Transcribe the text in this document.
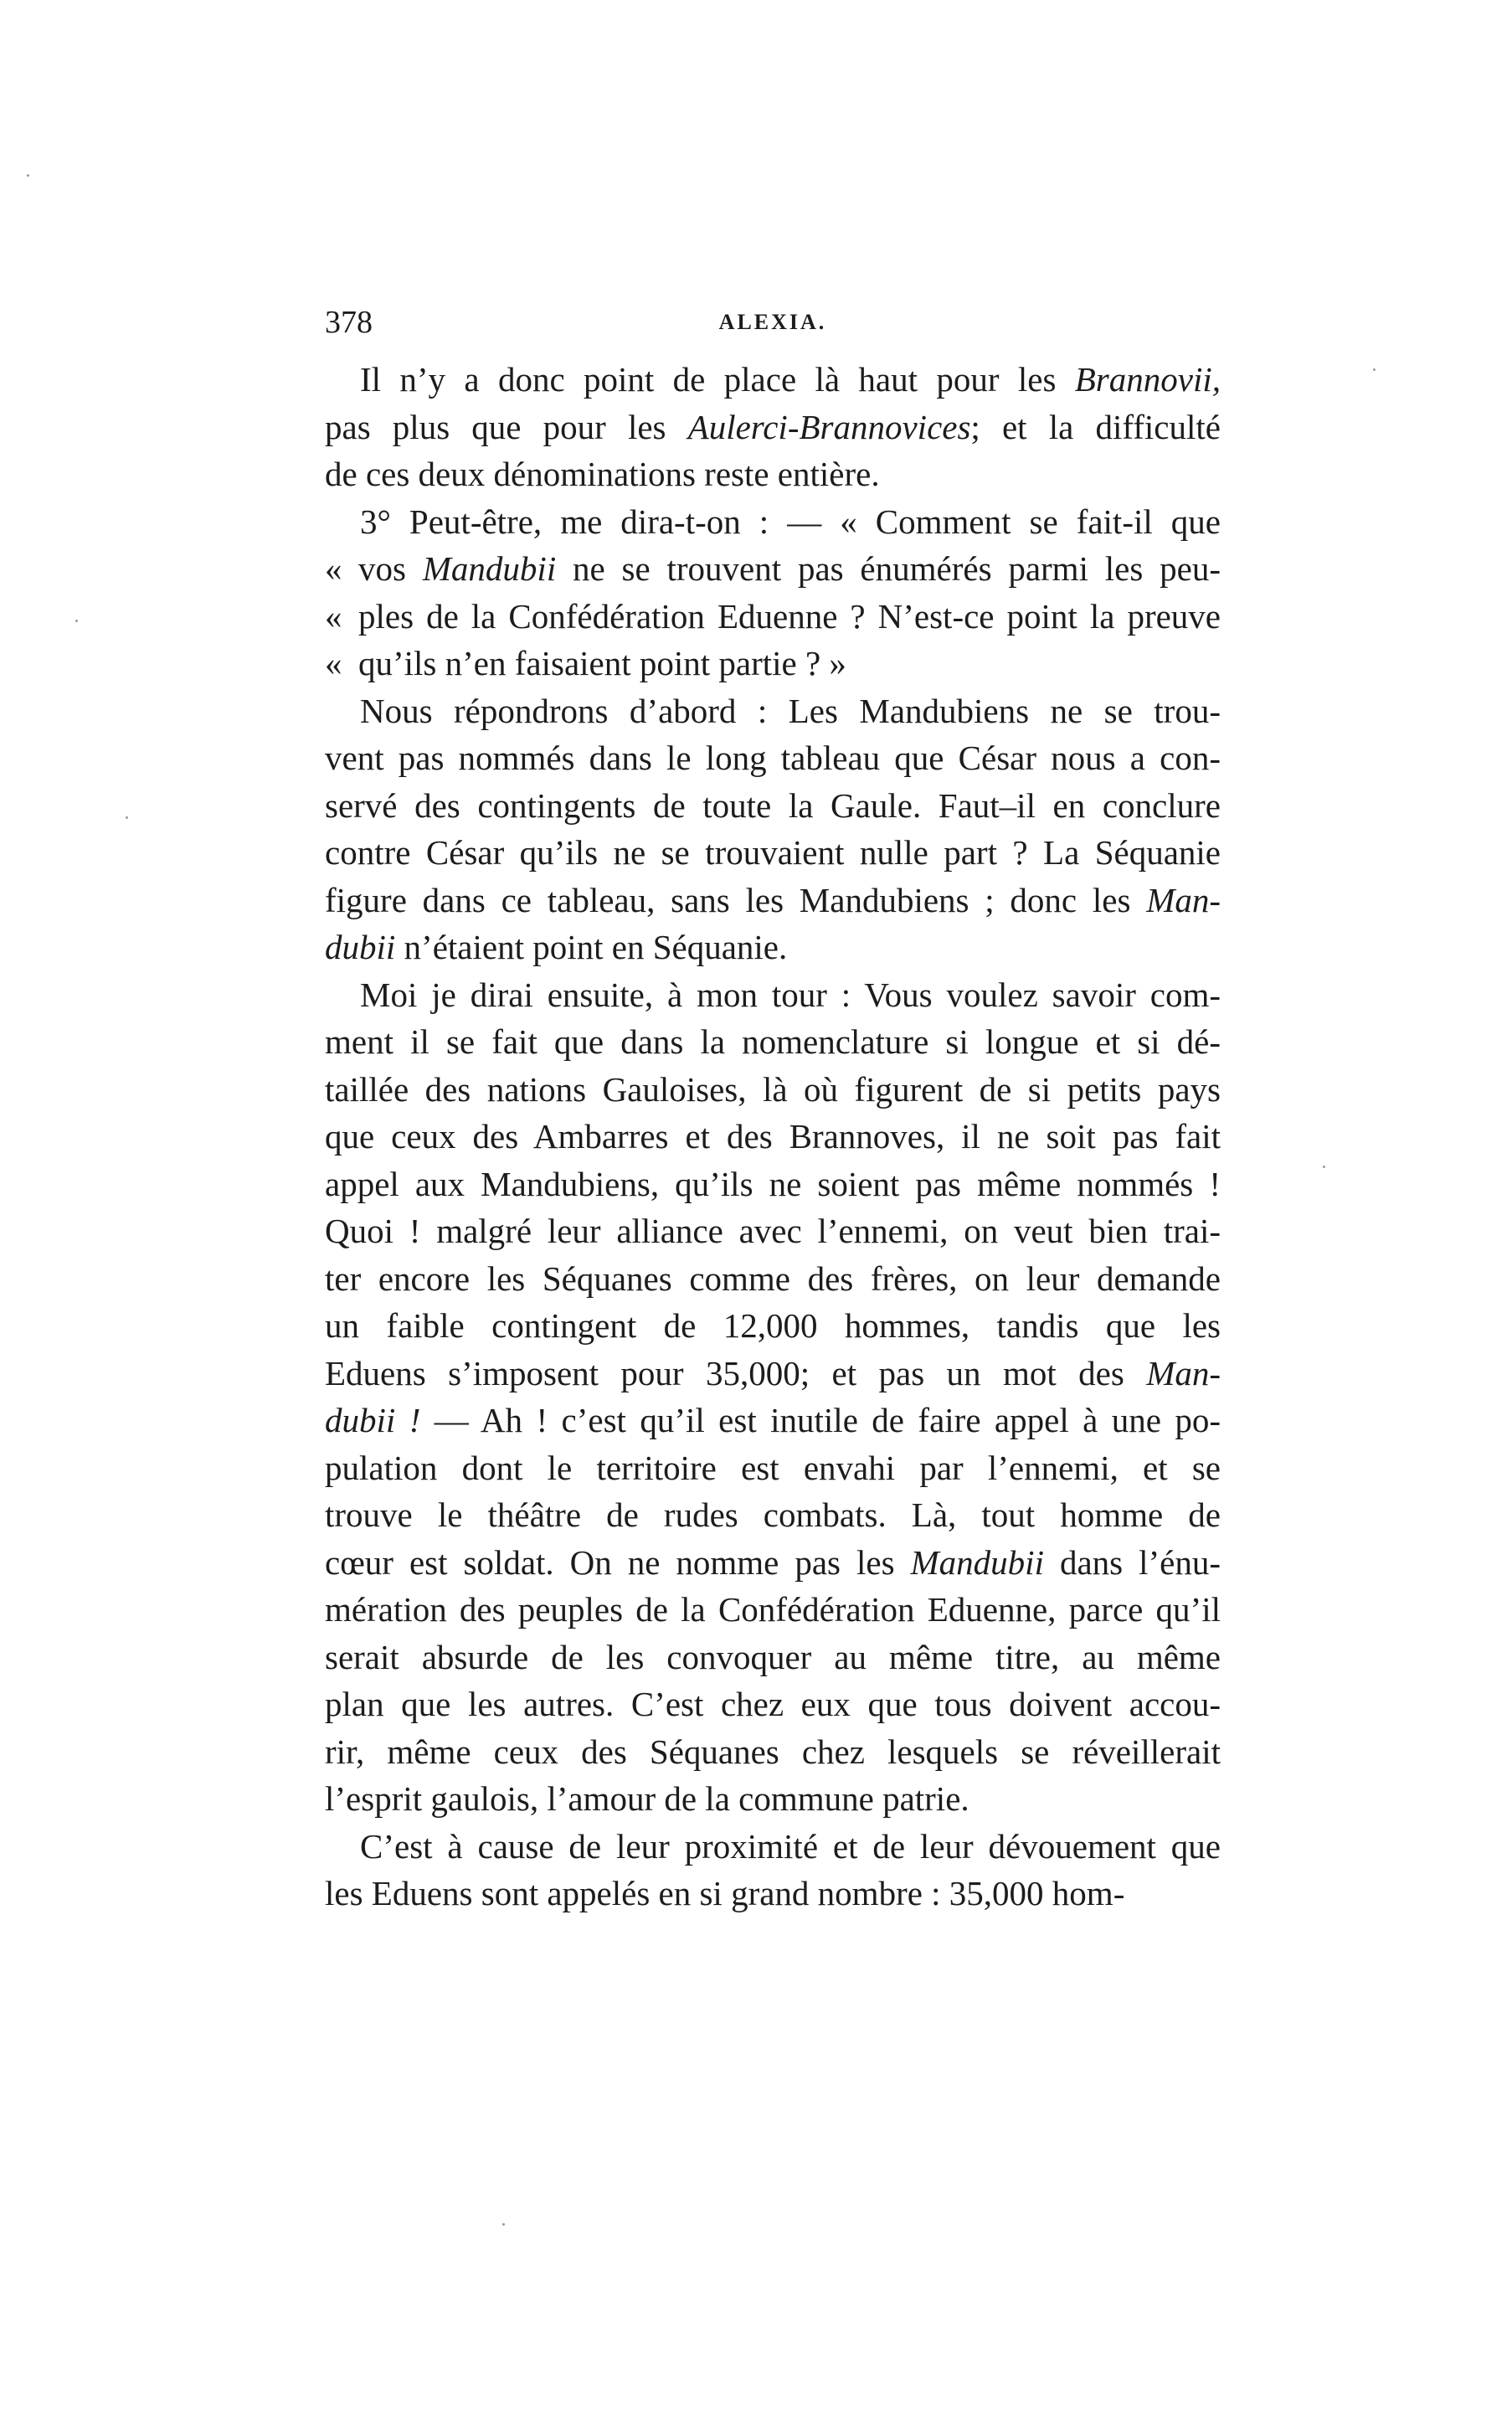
378	ALEXIA.
Il n’y a donc point de place là haut pour les Brannovii,
pas plus que pour les Aulerci-Brannovices; et la difficulté
de ces deux dénominations reste entière.
3° Peut-être, me dira-t-on : — « Comment se fait-il que
« vos Mandubii ne se trouvent pas énumérés parmi les peu-
« ples de la Confédération Eduenne ? N’est-ce point la preuve
« qu’ils n’en faisaient point partie ? »
Nous répondrons d’abord : Les Mandubiens ne se trou-
vent pas nommés dans le long tableau que César nous a con-
servé des contingents de toute la Gaule. Faut–il en conclure
contre César qu’ils ne se trouvaient nulle part ? La Séquanie
figure dans ce tableau, sans les Mandubiens ; donc les Man-
dubii n’étaient point en Séquanie.
Moi je dirai ensuite, à mon tour : Vous voulez savoir com-
ment il se fait que dans la nomenclature si longue et si dé-
taillée des nations Gauloises, là où figurent de si petits pays
que ceux des Ambarres et des Brannoves, il ne soit pas fait
appel aux Mandubiens, qu’ils ne soient pas même nommés !
Quoi ! malgré leur alliance avec l’ennemi, on veut bien trai-
ter encore les Séquanes comme des frères, on leur demande
un faible contingent de 12,000 hommes, tandis que les
Eduens s’imposent pour 35,000; et pas un mot des Man-
dubii ! — Ah ! c’est qu’il est inutile de faire appel à une po-
pulation dont le territoire est envahi par l’ennemi, et se
trouve le théâtre de rudes combats. Là, tout homme de
cœur est soldat. On ne nomme pas les Mandubii dans l’énu-
mération des peuples de la Confédération Eduenne, parce qu’il
serait absurde de les convoquer au même titre, au même
plan que les autres. C’est chez eux que tous doivent accou-
rir, même ceux des Séquanes chez lesquels se réveillerait
l’esprit gaulois, l’amour de la commune patrie.
C’est à cause de leur proximité et de leur dévouement que
les Eduens sont appelés en si grand nombre : 35,000 hom-
